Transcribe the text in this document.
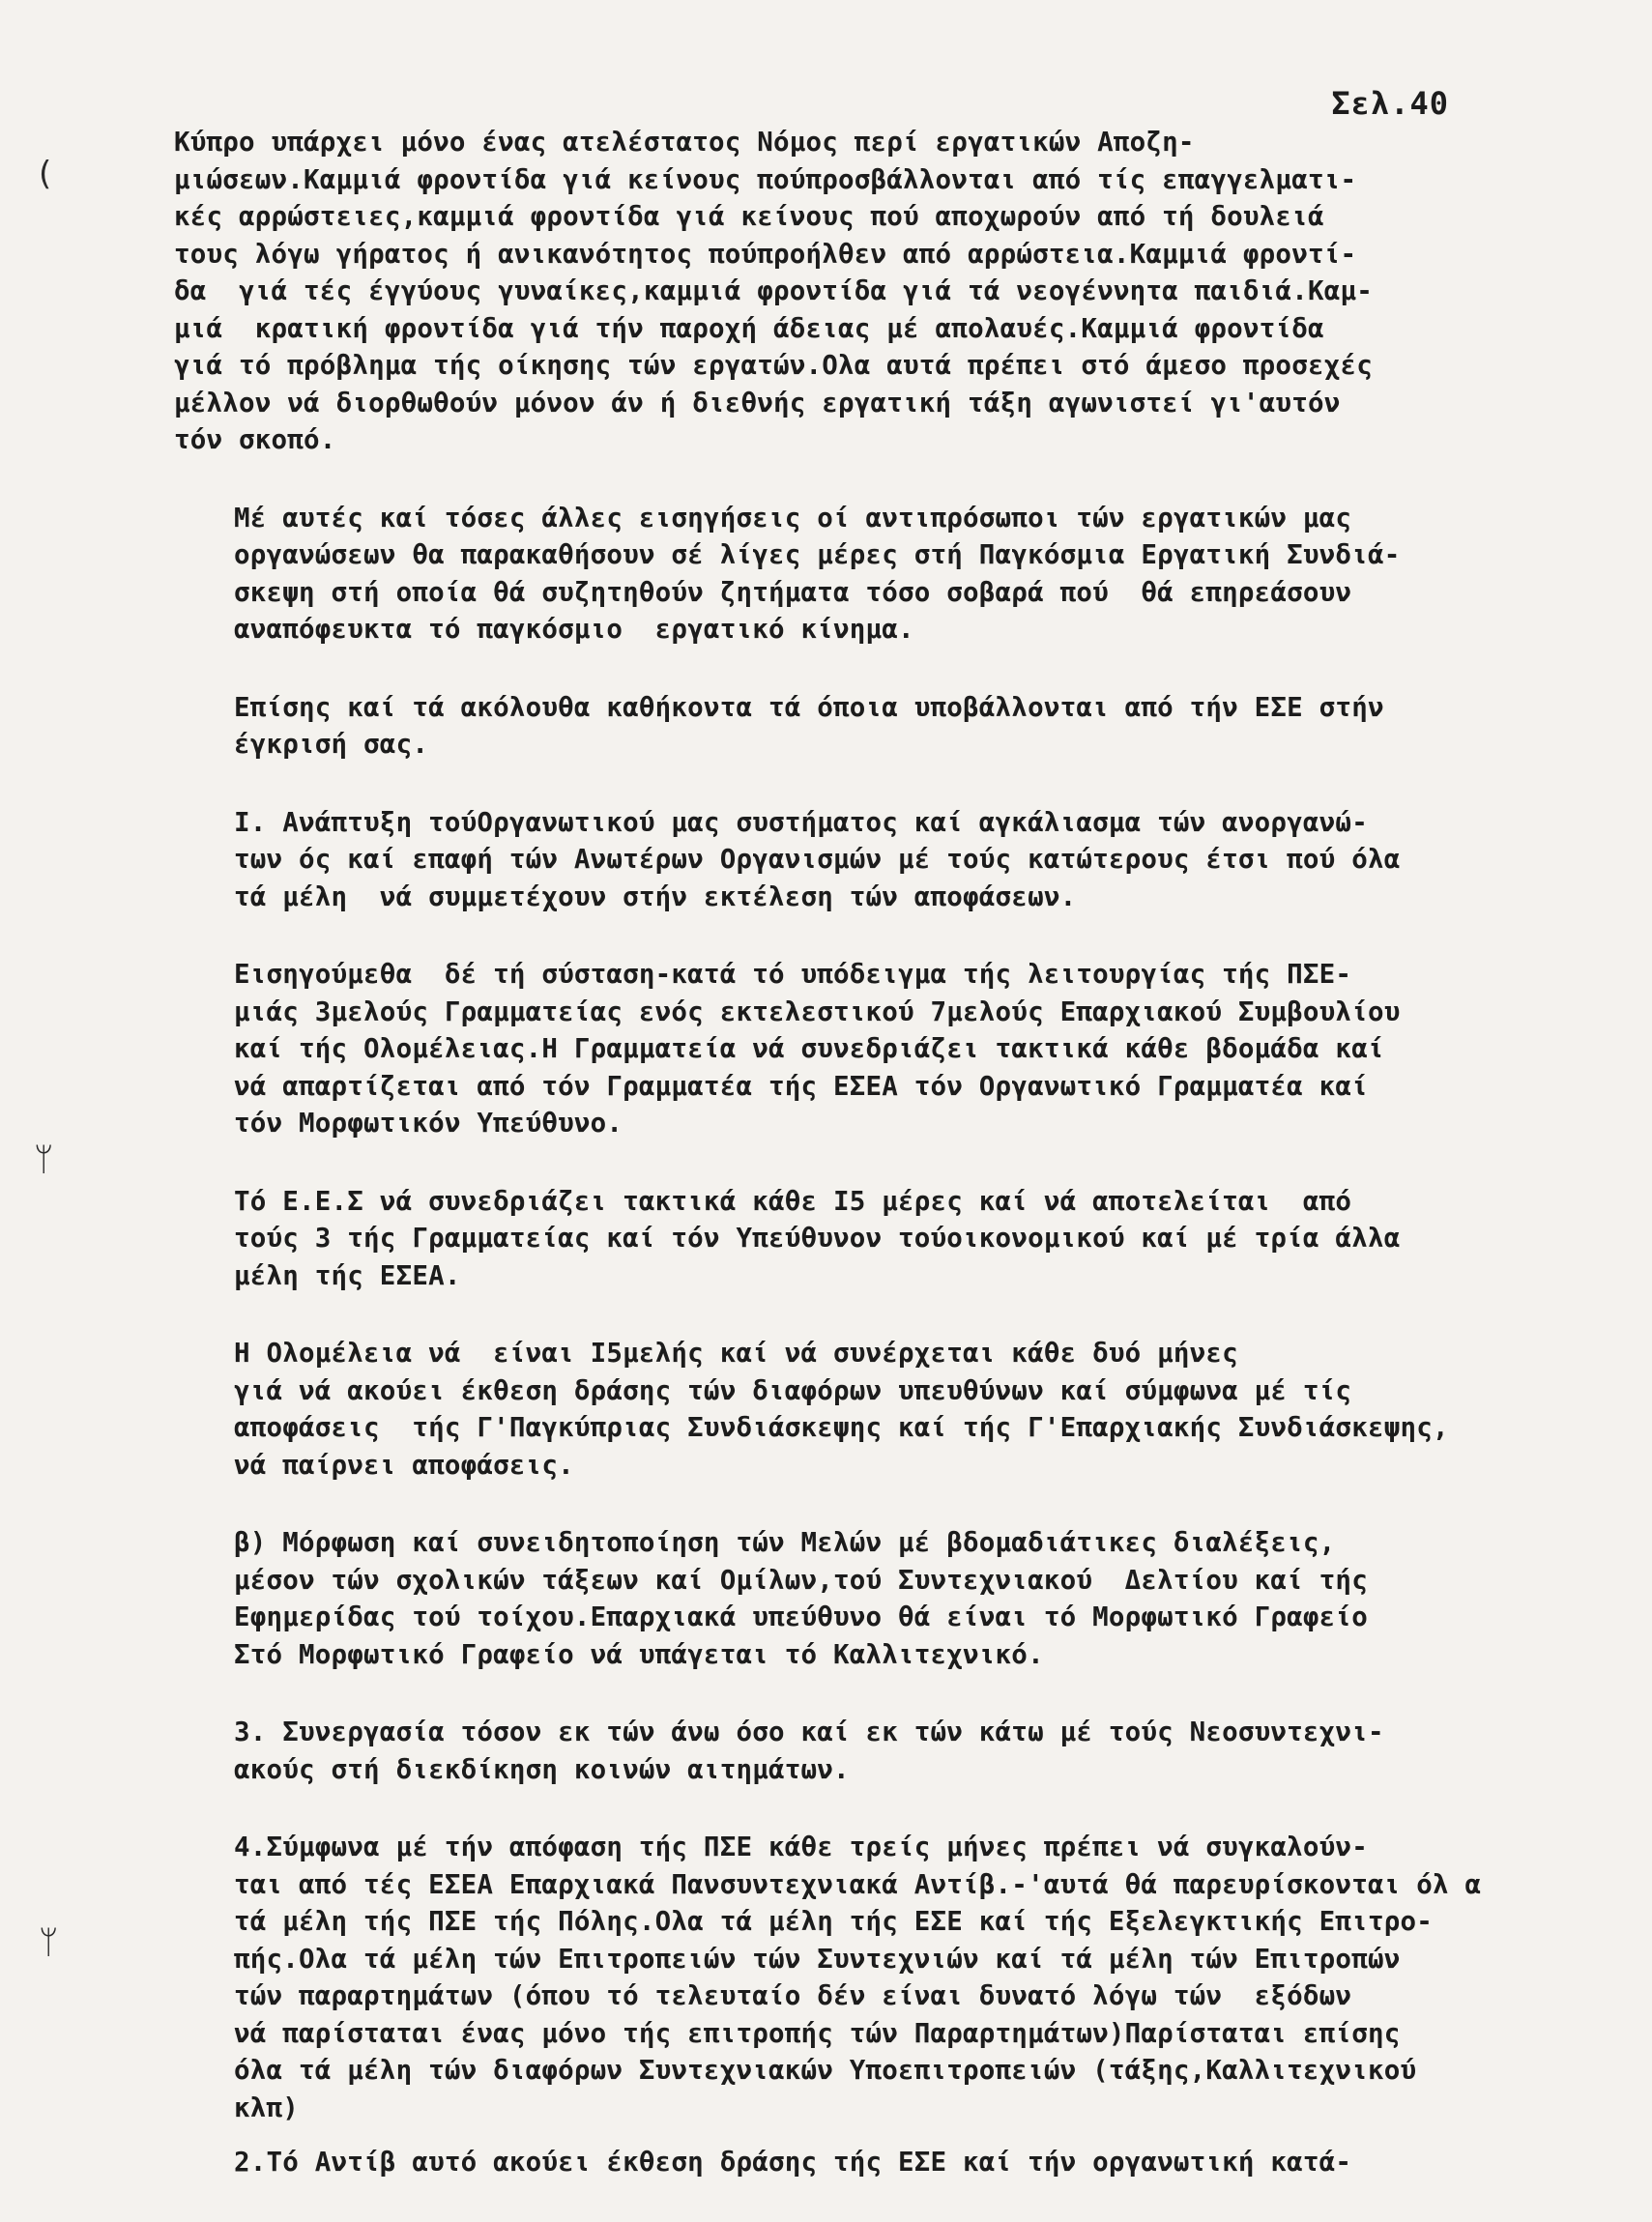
Σελ.40
(
ᛘ
ᛘ
Κύπρο υπάρχει μόνο ένας ατελέστατος Νόμος περί εργατικών Αποζη-
μιώσεων.Καμμιά φροντίδα γιά κείνους πούπροσβάλλονται από τίς επαγγελματι-
κές αρρώστειες,καμμιά φροντίδα γιά κείνους πού αποχωρούν από τή δουλειά
τους λόγω γήρατος ή ανικανότητος πούπροήλθεν από αρρώστεια.Καμμιά φροντί-
δα  γιά τές έγγύους γυναίκες,καμμιά φροντίδα γιά τά νεογέννητα παιδιά.Καμ-
μιά  κρατική φροντίδα γιά τήν παροχή άδειας μέ απολαυές.Καμμιά φροντίδα
γιά τό πρόβλημα τής οίκησης τών εργατών.Ολα αυτά πρέπει στό άμεσο προσεχές
μέλλον νά διορθωθούν μόνον άν ή διεθνής εργατική τάξη αγωνιστεί γι'αυτόν
τόν σκοπό.
Μέ αυτές καί τόσες άλλες εισηγήσεις οί αντιπρόσωποι τών εργατικών μας
οργανώσεων θα παρακαθήσουν σέ λίγες μέρες στή Παγκόσμια Εργατική Συνδιά-
σκεψη στή οποία θά συζητηθούν ζητήματα τόσο σοβαρά πού  θά επηρεάσουν
αναπόφευκτα τό παγκόσμιο  εργατικό κίνημα.
Επίσης καί τά ακόλουθα καθήκοντα τά όποια υποβάλλονται από τήν ΕΣΕ στήν
έγκρισή σας.
I. Ανάπτυξη τούΟργανωτικού μας συστήματος καί αγκάλιασμα τών ανοργανώ-
των ός καί επαφή τών Ανωτέρων Οργανισμών μέ τούς κατώτερους έτσι πού όλα
τά μέλη  νά συμμετέχουν στήν εκτέλεση τών αποφάσεων.
Εισηγούμεθα  δέ τή σύσταση-κατά τό υπόδειγμα τής λειτουργίας τής ΠΣΕ-
μιάς 3μελούς Γραμματείας ενός εκτελεστικού 7μελούς Επαρχιακού Συμβουλίου
καί τής Ολομέλειας.Η Γραμματεία νά συνεδριάζει τακτικά κάθε βδομάδα καί
νά απαρτίζεται από τόν Γραμματέα τής ΕΣΕΑ τόν Οργανωτικό Γραμματέα καί
τόν Μορφωτικόν Υπεύθυνο.
Τό Ε.Ε.Σ νά συνεδριάζει τακτικά κάθε I5 μέρες καί νά αποτελείται  από
τούς 3 τής Γραμματείας καί τόν Υπεύθυνον τούοικονομικού καί μέ τρία άλλα
μέλη τής ΕΣΕΑ.
Η Ολομέλεια νά  είναι I5μελής καί νά συνέρχεται κάθε δυό μήνες
γιά νά ακούει έκθεση δράσης τών διαφόρων υπευθύνων καί σύμφωνα μέ τίς
αποφάσεις  τής Γ'Παγκύπριας Συνδιάσκεψης καί τής Γ'Επαρχιακής Συνδιάσκεψης,
νά παίρνει αποφάσεις.
β) Μόρφωση καί συνειδητοποίηση τών Μελών μέ βδομαδιάτικες διαλέξεις,
μέσον τών σχολικών τάξεων καί Ομίλων,τού Συντεχνιακού  Δελτίου καί τής
Εφημερίδας τού τοίχου.Επαρχιακά υπεύθυνο θά είναι τό Μορφωτικό Γραφείο
Στό Μορφωτικό Γραφείο νά υπάγεται τό Καλλιτεχνικό.
3. Συνεργασία τόσον εκ τών άνω όσο καί εκ τών κάτω μέ τούς Νεοσυντεχνι-
ακούς στή διεκδίκηση κοινών αιτημάτων.
4.Σύμφωνα μέ τήν απόφαση τής ΠΣΕ κάθε τρείς μήνες πρέπει νά συγκαλούν-
ται από τές ΕΣΕΑ Επαρχιακά Πανσυντεχνιακά Αντίβ.-'αυτά θά παρευρίσκονται όλ α
τά μέλη τής ΠΣΕ τής Πόλης.Ολα τά μέλη τής ΕΣΕ καί τής Εξελεγκτικής Επιτρο-
πής.Ολα τά μέλη τών Επιτροπειών τών Συντεχνιών καί τά μέλη τών Επιτροπών
τών παραρτημάτων (όπου τό τελευταίο δέν είναι δυνατό λόγω τών  εξόδων
νά παρίσταται ένας μόνο τής επιτροπής τών Παραρτημάτων)Παρίσταται επίσης
όλα τά μέλη τών διαφόρων Συντεχνιακών Υποεπιτροπειών (τάξης,Καλλιτεχνικού
κλπ)
2.Τό Αντίβ αυτό ακούει έκθεση δράσης τής ΕΣΕ καί τήν οργανωτική κατά-
